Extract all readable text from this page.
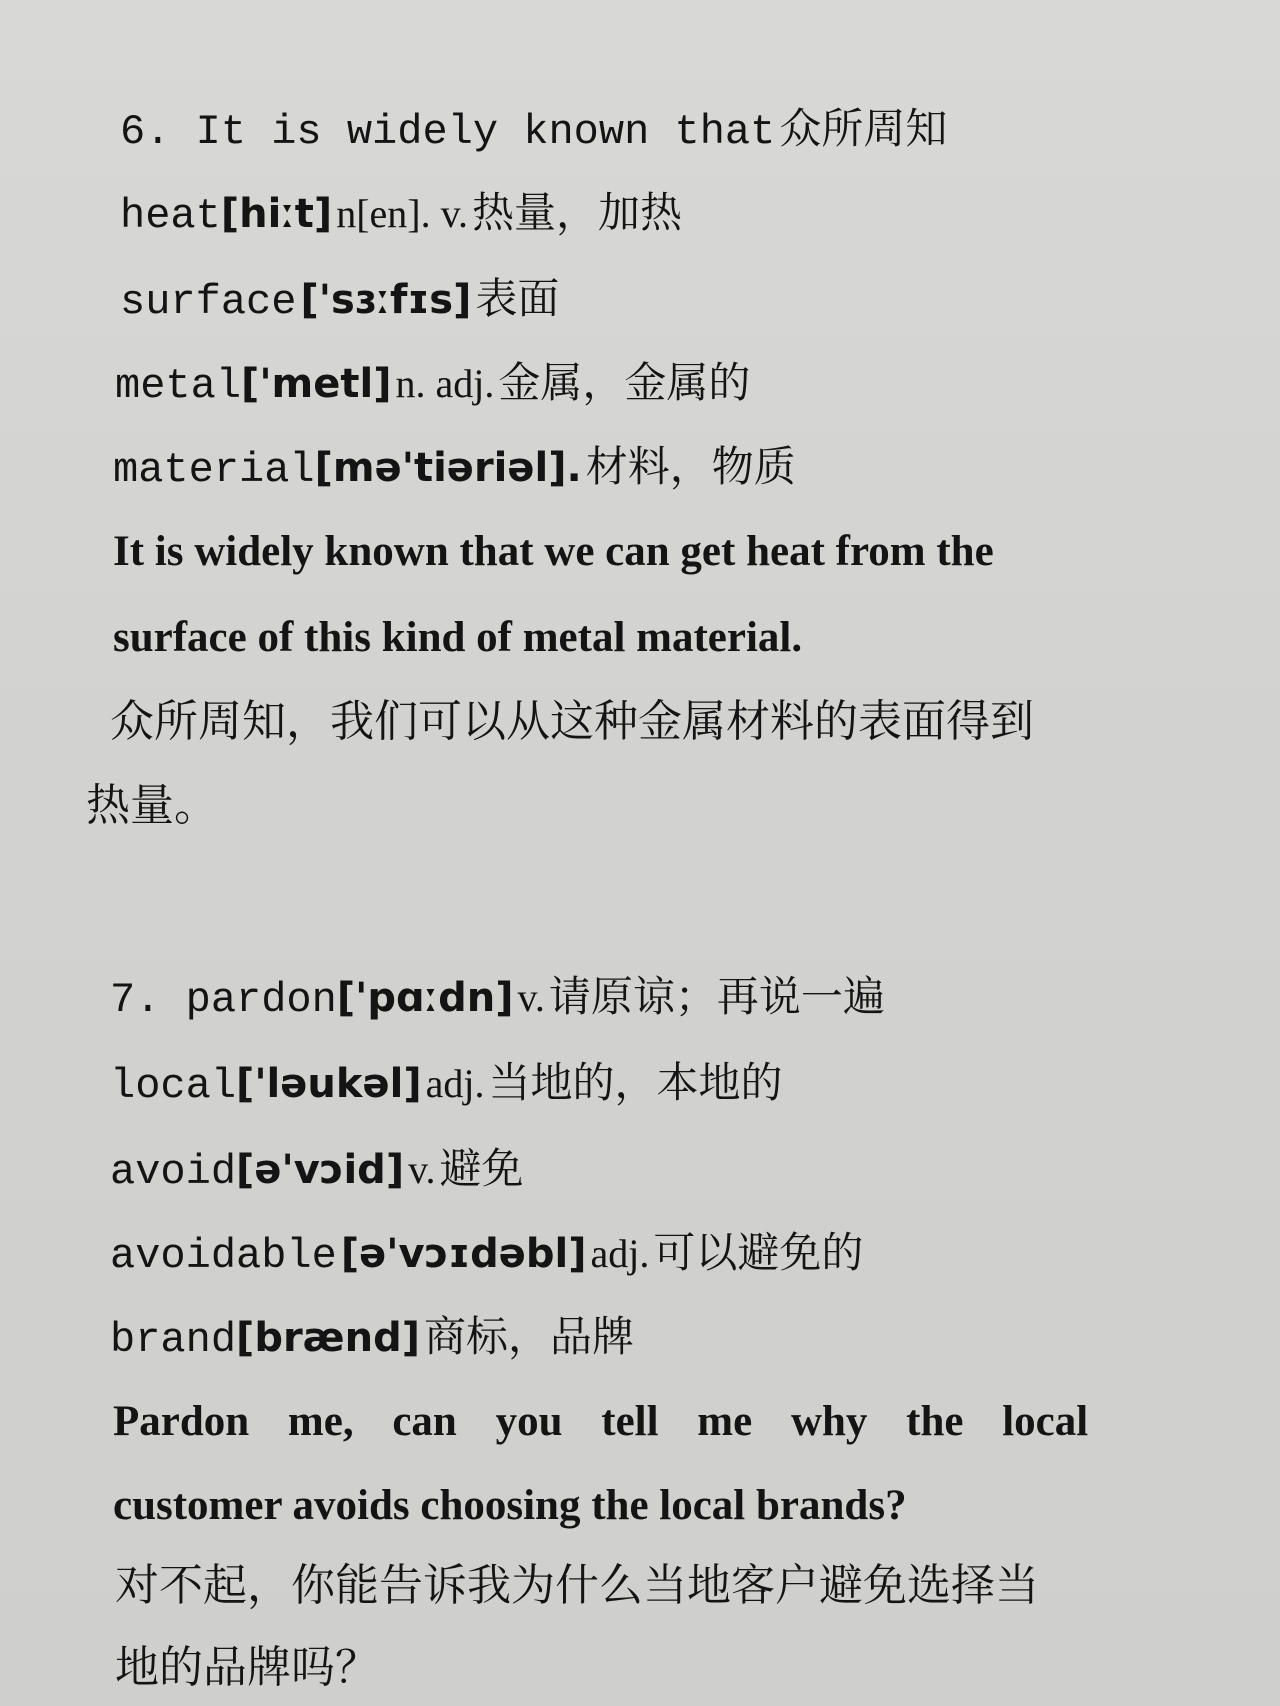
6. It is widely known that 众所周知
heat[hiːt] n[en]. v. 热量，加热
surface ['sɜːfɪs] 表面
metal['metl] n. adj. 金属，金属的
material[mə'tiəriəl]. 材料，物质
It is widely known that we can get heat from the
surface of this kind of metal material.
众所周知，我们可以从这种金属材料的表面得到
热量。
7. pardon['pɑːdn] v. 请原谅；再说一遍
local['ləukəl] adj. 当地的，本地的
avoid[ə'vɔid] v. 避免
avoidable [ə'vɔɪdəbl] adj. 可以避免的
brand[brænd] 商标，品牌
Pardon me, can you tell me why the local
customer avoids choosing the local brands?
对不起，你能告诉我为什么当地客户避免选择当
地的品牌吗？
